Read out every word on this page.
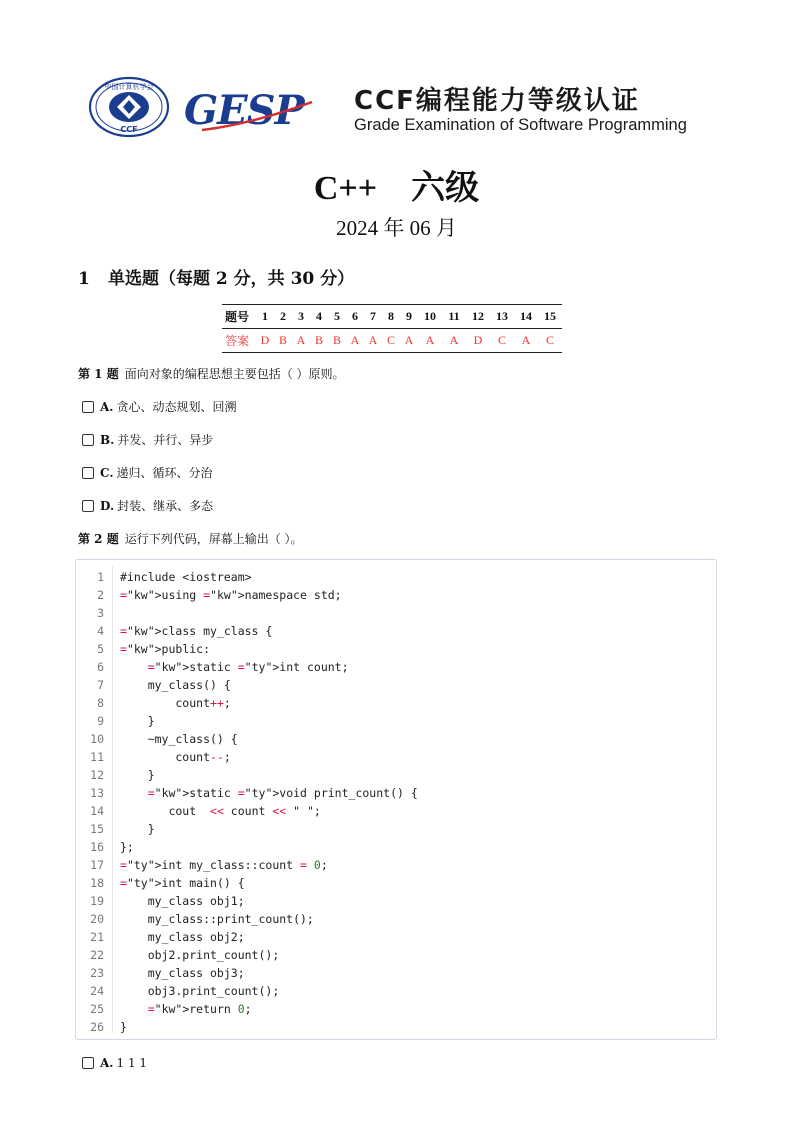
中国计算机学会
CCF GESP CCF编程能力等级认证
Grade Examination of Software Programming
C++　六级
2024 年 06 月
1 单选题（每题 2 分，共 30 分）
题号	1	2	3	4	5	6	7	8	9	10	11	12	13	14	15
答案	D	B	A	B	B	A	A	C	A	A	A	D	C	A	C
第 1 题 面向对象的编程思想主要包括（ ）原则。
A. 贪心、动态规划、回溯
B. 并发、并行、异步
C. 递归、循环、分治
D. 封装、继承、多态
第 2 题 运行下列代码，屏幕上输出（ ）。
1 #include <iostream>
2 ="kw">using ="kw">namespace std;
3
4 ="kw">class my_class {
5 ="kw">public:
6	="kw">static ="ty">int count;
7 my_class() {
8 count++;
9 }
10 ~my_class() {
11 count--;
12 }
13	="kw">static ="ty">void print_count() {
14 cout  << count << " ";
15 }
16 };
17 ="ty">int my_class::count = 0;
18 ="ty">int main() {
19 my_class obj1;
20 my_class::print_count();
21 my_class obj2;
22 obj2.print_count();
23 my_class obj3;
24 obj3.print_count();
25	="kw">return 0;
26 }
A. 1 1 1
